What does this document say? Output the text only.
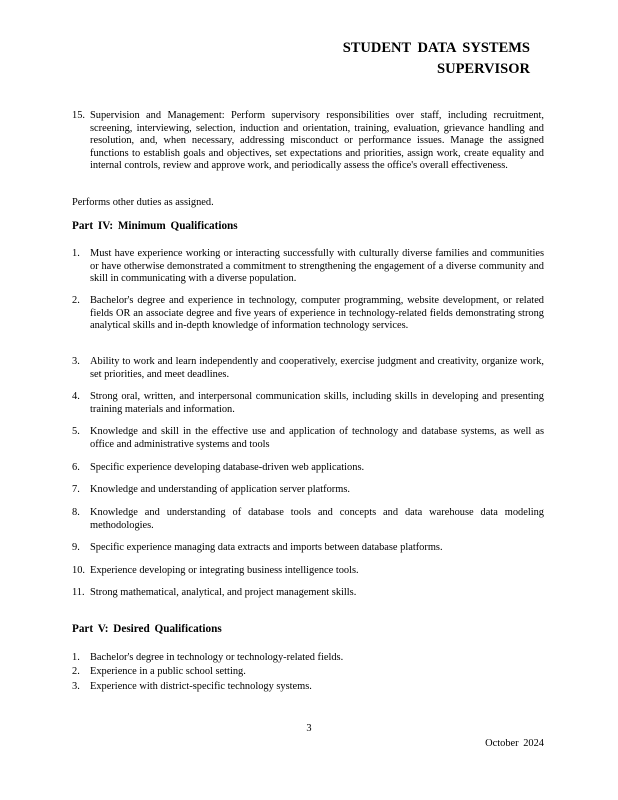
STUDENT DATA SYSTEMS
SUPERVISOR
15. Supervision and Management: Perform supervisory responsibilities over staff, including recruitment, screening, interviewing, selection, induction and orientation, training, evaluation, grievance handling and resolution, and, when necessary, addressing misconduct or performance issues. Manage the assigned functions to establish goals and objectives, set expectations and priorities, assign work, create equality and internal controls, review and approve work, and periodically assess the office's overall effectiveness.
Performs other duties as assigned.
Part IV: Minimum Qualifications
1. Must have experience working or interacting successfully with culturally diverse families and communities or have otherwise demonstrated a commitment to strengthening the engagement of a diverse community and skill in communicating with a diverse population.
2. Bachelor's degree and experience in technology, computer programming, website development, or related fields OR an associate degree and five years of experience in technology-related fields demonstrating strong analytical skills and in-depth knowledge of information technology services.
3. Ability to work and learn independently and cooperatively, exercise judgment and creativity, organize work, set priorities, and meet deadlines.
4. Strong oral, written, and interpersonal communication skills, including skills in developing and presenting training materials and information.
5. Knowledge and skill in the effective use and application of technology and database systems, as well as office and administrative systems and tools
6. Specific experience developing database-driven web applications.
7. Knowledge and understanding of application server platforms.
8. Knowledge and understanding of database tools and concepts and data warehouse data modeling methodologies.
9. Specific experience managing data extracts and imports between database platforms.
10. Experience developing or integrating business intelligence tools.
11. Strong mathematical, analytical, and project management skills.
Part V: Desired Qualifications
1. Bachelor's degree in technology or technology-related fields.
2. Experience in a public school setting.
3. Experience with district-specific technology systems.
3
October 2024
